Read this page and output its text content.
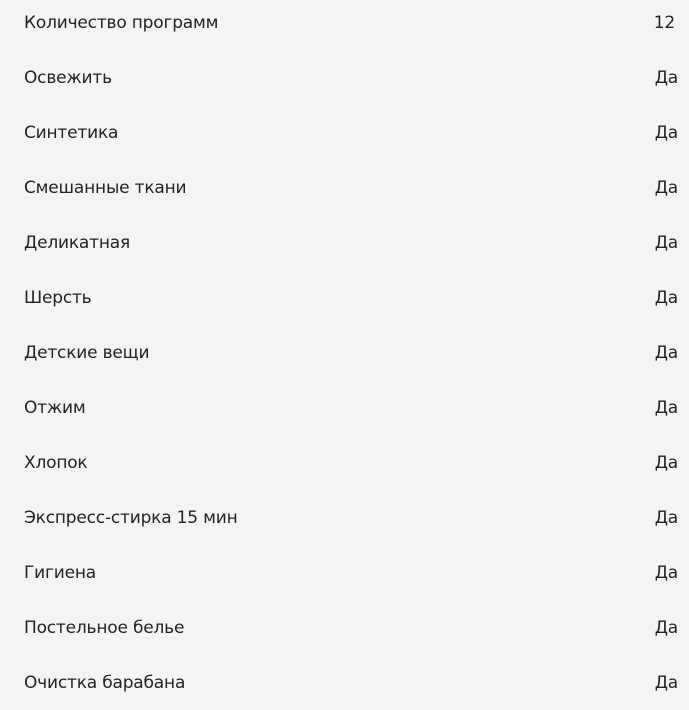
Количество программ	12
Освежить	Да
Синтетика	Да
Смешанные ткани	Да
Деликатная	Да
Шерсть	Да
Детские вещи	Да
Отжим	Да
Хлопок	Да
Экспресс-стирка 15 мин	Да
Гигиена	Да
Постельное белье	Да
Очистка барабана	Да
